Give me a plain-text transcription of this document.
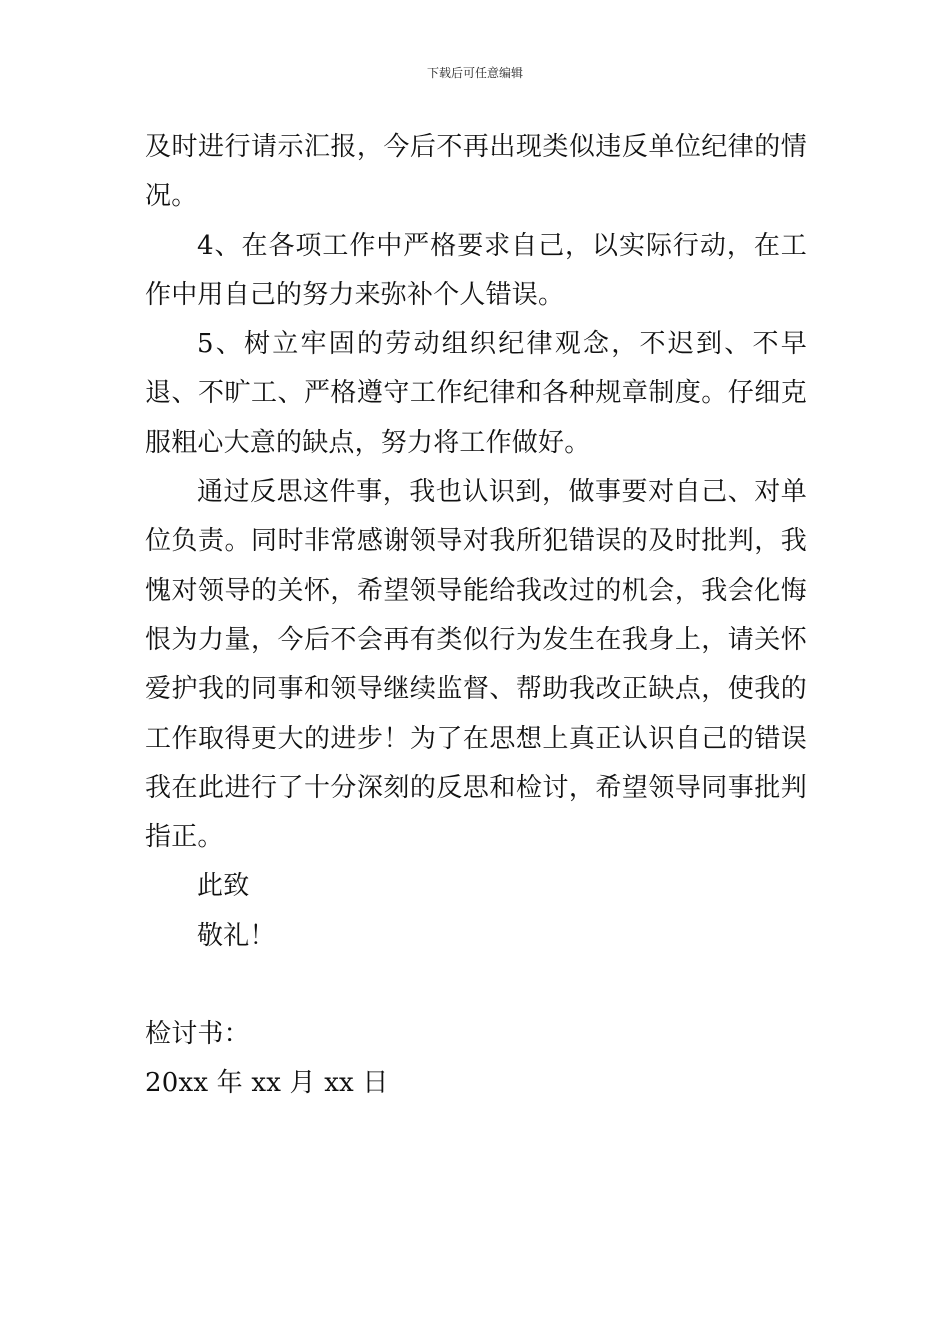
下载后可任意编辑

及时进行请示汇报，今后不再出现类似违反单位纪律的情况。

4、在各项工作中严格要求自己，以实际行动，在工作中用自己的努力来弥补个人错误。

5、树立牢固的劳动组织纪律观念，不迟到、不早退、不旷工、严格遵守工作纪律和各种规章制度。仔细克服粗心大意的缺点，努力将工作做好。

通过反思这件事，我也认识到，做事要对自己、对单位负责。同时非常感谢领导对我所犯错误的及时批判，我愧对领导的关怀，希望领导能给我改过的机会，我会化悔恨为力量，今后不会再有类似行为发生在我身上，请关怀爱护我的同事和领导继续监督、帮助我改正缺点，使我的工作取得更大的进步！为了在思想上真正认识自己的错误我在此进行了十分深刻的反思和检讨，希望领导同事批判指正。

此致

敬礼！

检讨书：

20xx 年 xx 月 xx 日
